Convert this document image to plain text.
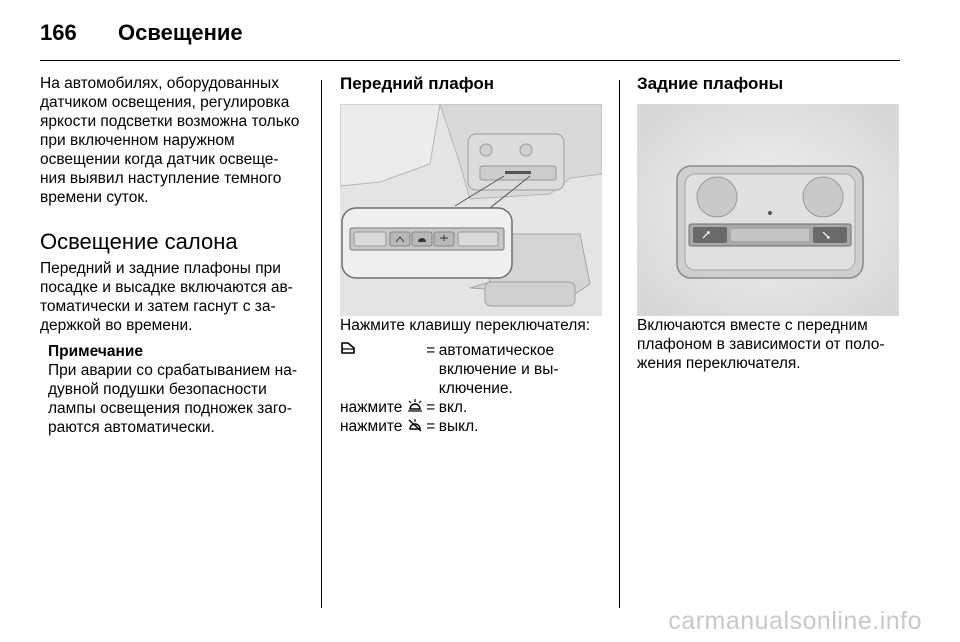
166 Освещение

На автомобилях, оборудованных датчиком освещения, регулировка яркости подсветки возможна только при включенном наружном освещении когда датчик освеще- ния выявил наступление темного времени суток.

Освещение салона

Передний и задние плафоны при посадке и высадке включаются ав- томатически и затем гаснут с за- держкой во времени.

Примечание
При аварии со срабатыванием на- дувной подушки безопасности лампы освещения подножек заго- раются автоматически.
Передний плафон

Нажмите клавишу переключателя:

	=	автоматическое включение и вы- ключение.
нажмите	=	вкл.
нажмите	=	выкл.
Задние плафоны

Включаются вместе с передним плафоном в зависимости от поло- жения переключателя.

carmanualsonline.info
